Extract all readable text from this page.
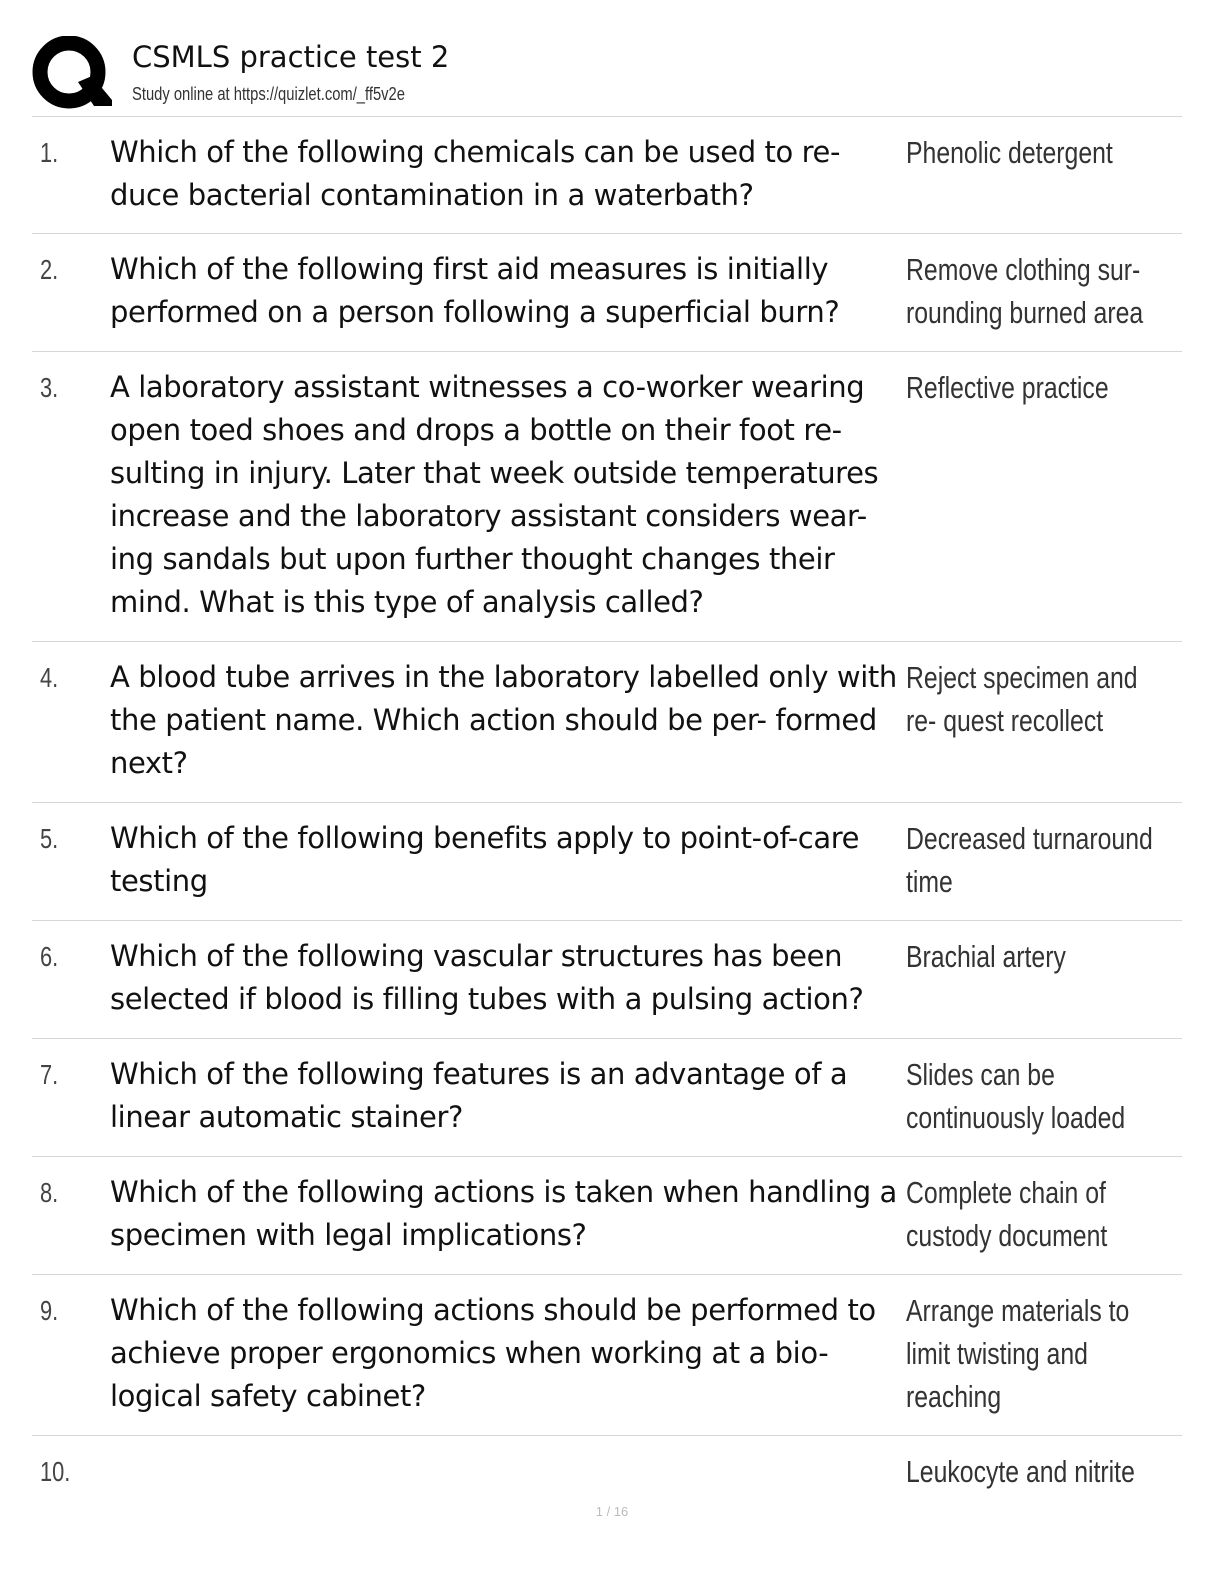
CSMLS practice test 2
Study online at https://quizlet.com/_ff5v2e
1. Which of the following chemicals can be used to re- duce bacterial contamination in a waterbath?
Phenolic detergent
2. Which of the following first aid measures is initially performed on a person following a superficial burn?
Remove clothing sur- rounding burned area
3. A laboratory assistant witnesses a co-worker wearing open toed shoes and drops a bottle on their foot re- sulting in injury. Later that week outside temperatures increase and the laboratory assistant considers wear- ing sandals but upon further thought changes their mind. What is this type of analysis called?
Reflective practice
4. A blood tube arrives in the laboratory labelled only with the patient name. Which action should be per- formed next?
Reject specimen and re- quest recollect
5. Which of the following benefits apply to point-of-care testing
Decreased turnaround time
6. Which of the following vascular structures has been selected if blood is filling tubes with a pulsing action?
Brachial artery
7. Which of the following features is an advantage of a linear automatic stainer?
Slides can be continuously loaded
8. Which of the following actions is taken when handling a specimen with legal implications?
Complete chain of custody document
9. Which of the following actions should be performed to achieve proper ergonomics when working at a bio- logical safety cabinet?
Arrange materials to limit twisting and reaching
10.	Leukocyte and nitrite
1 / 16
